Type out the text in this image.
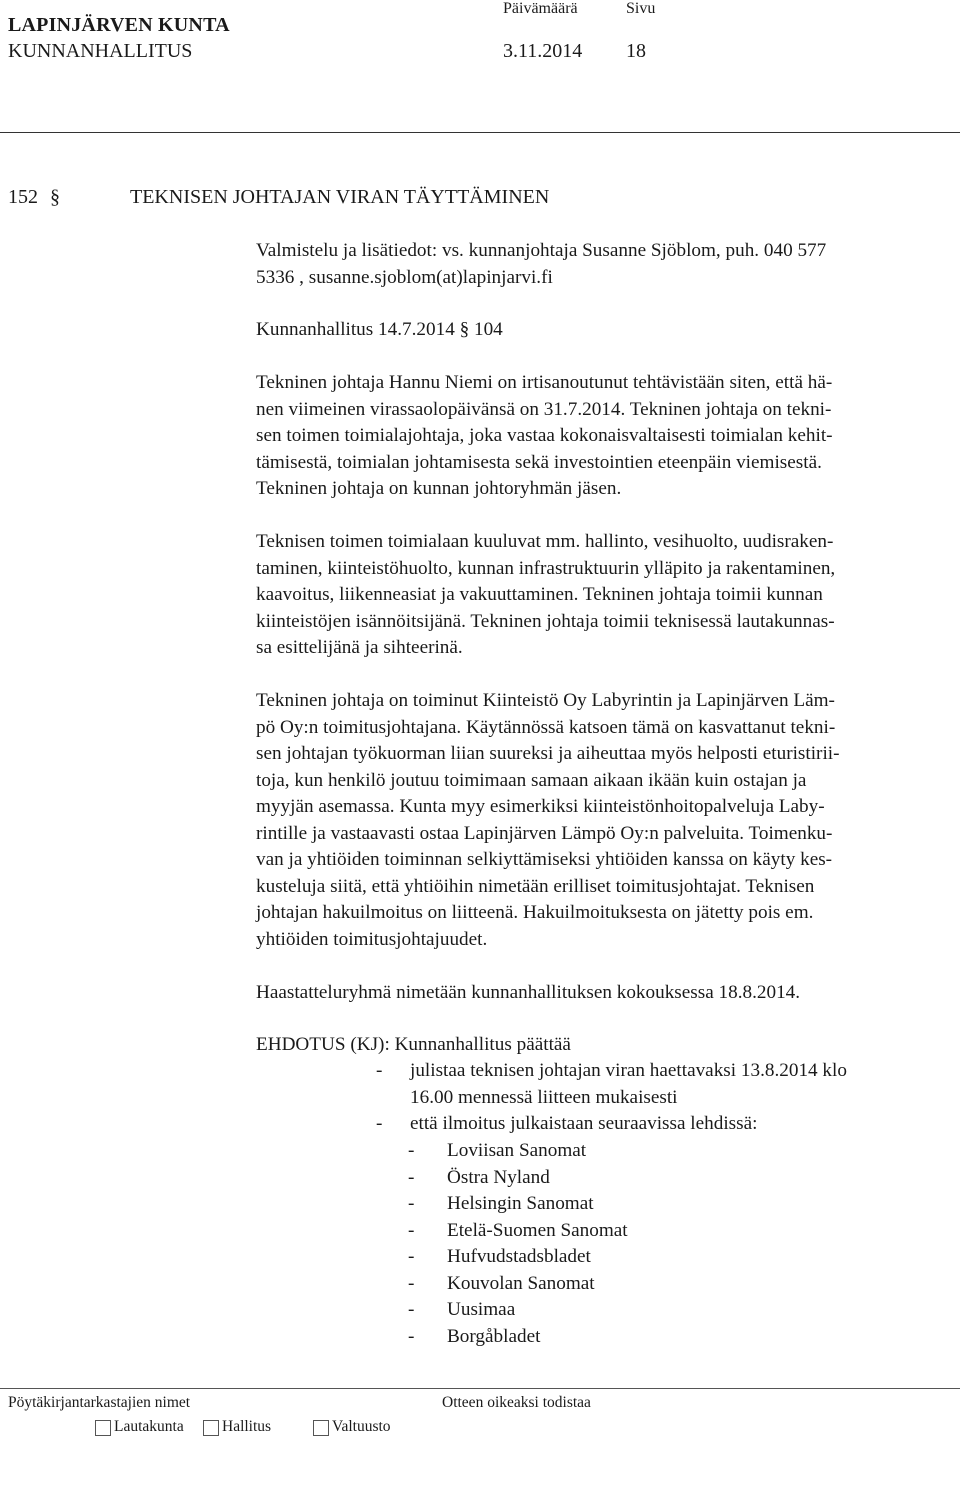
LAPINJÄRVEN KUNTA
Päivämäärä	Sivu
KUNNANHALLITUS	3.11.2014 18
152 §	TEKNISEN JOHTAJAN VIRAN TÄYTTÄMINEN

Valmistelu ja lisätiedot: vs. kunnanjohtaja Susanne Sjöblom, puh. 040 577

5336 , susanne.sjoblom(at)lapinjarvi.fi

Kunnanhallitus 14.7.2014 § 104

Tekninen johtaja Hannu Niemi on irtisanoutunut tehtävistään siten, että hä-

nen viimeinen virassaolopäivänsä on 31.7.2014. Tekninen johtaja on tekni-

sen toimen toimialajohtaja, joka vastaa kokonaisvaltaisesti toimialan kehit-

tämisestä, toimialan johtamisesta sekä investointien eteenpäin viemisestä.

Tekninen johtaja on kunnan johtoryhmän jäsen.

Teknisen toimen toimialaan kuuluvat mm. hallinto, vesihuolto, uudisraken-

taminen, kiinteistöhuolto, kunnan infrastruktuurin ylläpito ja rakentaminen,

kaavoitus, liikenneasiat ja vakuuttaminen. Tekninen johtaja toimii kunnan

kiinteistöjen isännöitsijänä. Tekninen johtaja toimii teknisessä lautakunnas-

sa esittelijänä ja sihteerinä.

Tekninen johtaja on toiminut Kiinteistö Oy Labyrintin ja Lapinjärven Läm-

pö Oy:n toimitusjohtajana. Käytännössä katsoen tämä on kasvattanut tekni-

sen johtajan työkuorman liian suureksi ja aiheuttaa myös helposti eturistirii-

toja, kun henkilö joutuu toimimaan samaan aikaan ikään kuin ostajan ja

myyjän asemassa. Kunta myy esimerkiksi kiinteistönhoitopalveluja Laby-

rintille ja vastaavasti ostaa Lapinjärven Lämpö Oy:n palveluita. Toimenku-

van ja yhtiöiden toiminnan selkiyttämiseksi yhtiöiden kanssa on käyty kes-

kusteluja siitä, että yhtiöihin nimetään erilliset toimitusjohtajat. Teknisen

johtajan hakuilmoitus on liitteenä. Hakuilmoituksesta on jätetty pois em.

yhtiöiden toimitusjohtajuudet.

Haastatteluryhmä nimetään kunnanhallituksen kokouksessa 18.8.2014.
EHDOTUS (KJ): Kunnanhallitus päättää
- julistaa teknisen johtajan viran haettavaksi 13.8.2014 klo
16.00 mennessä liitteen mukaisesti
- että ilmoitus julkaistaan seuraavissa lehdissä:
- Loviisan Sanomat
- Östra Nyland
- Helsingin Sanomat
- Etelä-Suomen Sanomat
- Hufvudstadsbladet
- Kouvolan Sanomat
- Uusimaa
- Borgåbladet
Pöytäkirjantarkastajien nimet	Otteen oikeaksi todistaa
Lautakunta Hallitus	Valtuusto
